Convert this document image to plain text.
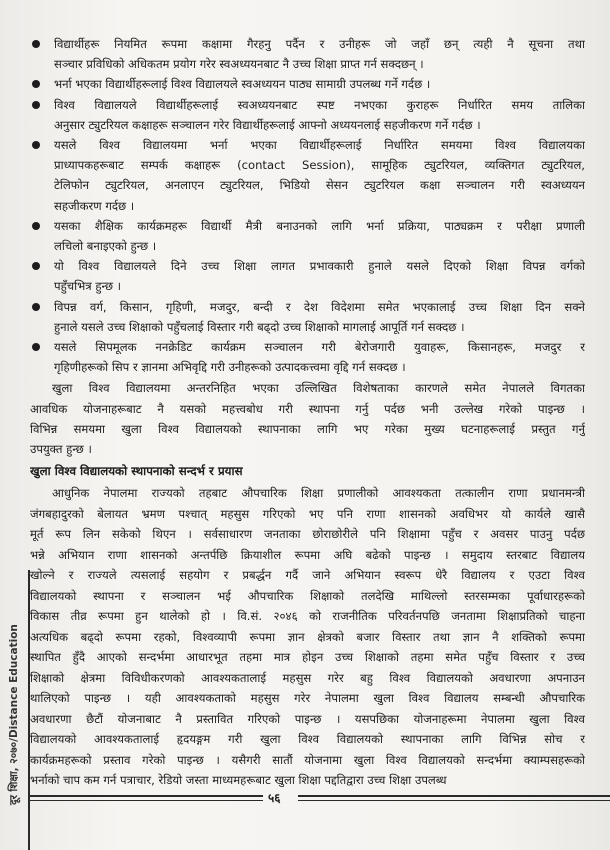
विद्यार्थीहरू नियमित रूपमा कक्षामा गैरहनु पर्दैन र उनीहरू जो जहाँ छन् त्यही नै सूचना तथा
सञ्चार प्रविधिको अधिकतम प्रयोग गरेर स्वअध्ययनबाट नै उच्च शिक्षा प्राप्त गर्न सक्दछन् ।
भर्ना भएका विद्यार्थीहरूलाई विश्व विद्यालयले स्वअध्ययन पाठ्य सामाग्री उपलब्ध गर्ने गर्दछ ।
विश्व विद्यालयले विद्यार्थीहरूलाई स्वअध्ययनबाट स्पष्ट नभएका कुराहरू निर्धारित समय तालिका
अनुसार ट्युटरियल कक्षाहरू सञ्चालन गरेर विद्यार्थीहरूलाई आफ्नो अध्ययनलाई सहजीकरण गर्ने गर्दछ ।
यसले विश्व विद्यालयमा भर्ना भएका विद्यार्थीहरूलाई निर्धारित समयमा विश्व विद्यालयका
प्राध्यापकहरूबाट सम्पर्क कक्षाहरू (contact Session), सामूहिक ट्युटरियल, व्यक्तिगत ट्युटरियल,
टेलिफोन ट्युटरियल, अनलाएन ट्युटरियल, भिडियो सेसन ट्युटरियल कक्षा सञ्चालन गरी स्वअध्ययन
सहजीकरण गर्दछ ।
यसका शैक्षिक कार्यक्रमहरू विद्यार्थी मैत्री बनाउनको लागि भर्ना प्रक्रिया, पाठ्यक्रम र परीक्षा प्रणाली
लचिलो बनाइएको हुन्छ ।
यो विश्व विद्यालयले दिने उच्च शिक्षा लागत प्रभावकारी हुनाले यसले दिएको शिक्षा विपन्न वर्गको
पहुँचभित्र हुन्छ ।
विपन्न वर्ग, किसान, गृहिणी, मजदुर, बन्दी र देश विदेशमा समेत भएकालाई उच्च शिक्षा दिन सक्ने
हुनाले यसले उच्च शिक्षाको पहुँचलाई विस्तार गरी बढ्दो उच्च शिक्षाको मागलाई आपूर्ति गर्न सक्दछ ।
यसले सिपमूलक ननक्रेडिट कार्यक्रम सञ्चालन गरी बेरोजगारी युवाहरू, किसानहरू, मजदुर र
गृहिणीहरूको सिप र ज्ञानमा अभिवृद्दि गरी उनीहरूको उत्पादकत्त्वमा वृद्दि गर्न सक्दछ ।
खुला विश्व विद्यालयमा अन्तरनिहित भएका उल्लिखित विशेषताका कारणले समेत नेपालले विगतका
आवधिक योजनाहरूबाट नै यसको महत्त्वबोध गरी स्थापना गर्नु पर्दछ भनी उल्लेख गरेको पाइन्छ ।
विभिन्न समयमा खुला विश्व विद्यालयको स्थापनाका लागि भए गरेका मुख्य घटनाहरूलाई प्रस्तुत गर्नु
उपयुक्त हुन्छ ।
खुला विश्व विद्यालयको स्थापनाको सन्दर्भ र प्रयास
आधुनिक नेपालमा राज्यको तहबाट औपचारिक शिक्षा प्रणालीको आवश्यकता तत्कालीन राणा प्रधानमन्त्री
जंगबहादुरको बेलायत भ्रमण पश्चात् महसुस गरिएको भए पनि राणा शासनको अवधिभर यो कार्यले खासै
मूर्त रूप लिन सकेको थिएन । सर्वसाधारण जनताका छोराछोरीले पनि शिक्षामा पहुँच र अवसर पाउनु पर्दछ
भन्ने अभियान राणा शासनको अन्तर्पछि क्रियाशील रूपमा अघि बढेको पाइन्छ । समुदाय स्तरबाट विद्यालय
खोल्ने र राज्यले त्यसलाई सहयोग र प्रबर्द्धन गर्दै जाने अभियान स्वरूप धेरै विद्यालय र एउटा विश्व
विद्यालयको स्थापना र सञ्चालन भई औपचारिक शिक्षाको तलदेखि माथिल्लो स्तरसम्मका पूर्वाधारहरूको
विकास तीव्र रूपमा हुन थालेको हो । वि.सं. २०४६ को राजनीतिक परिवर्तनपछि जनतामा शिक्षाप्रतिको चाहना
अत्यधिक बढ्दो रूपमा रहको, विश्वव्यापी रूपमा ज्ञान क्षेत्रको बजार विस्तार तथा ज्ञान नै शक्तिको रूपमा
स्थापित हुँदै आएको सन्दर्भमा आधारभूत तहमा मात्र होइन उच्च शिक्षाको तहमा समेत पहुँच विस्तार र उच्च
शिक्षाको क्षेत्रमा विविधीकरणको आवश्यकतालाई महसुस गरेर बहु विश्व विद्यालयको अवधारणा अपनाउन
थालिएको पाइन्छ । यही आवश्यकताको महसुस गरेर नेपालमा खुला विश्व विद्यालय सम्बन्धी औपचारिक
अवधारणा छैटौं योजनाबाट नै प्रस्तावित गरिएको पाइन्छ । यसपछिका योजनाहरूमा नेपालमा खुला विश्व
विद्यालयको आवश्यकतालाई हृदयङ्गम गरी खुला विश्व विद्यालयको स्थापनाका लागि विभिन्न सोच र
कार्यक्रमहरूको प्रस्ताव गरेको पाइन्छ । यसैगरी सातौं योजनामा खुला विश्व विद्यालयको सन्दर्भमा क्याम्पसहरूको
भर्नाको चाप कम गर्न पत्राचार, रेडियो जस्ता माध्यमहरूबाट खुला शिक्षा पद्दतिद्वारा उच्च शिक्षा उपलब्ध
दूर शिक्षा, २०७०/Distance Education	५६
